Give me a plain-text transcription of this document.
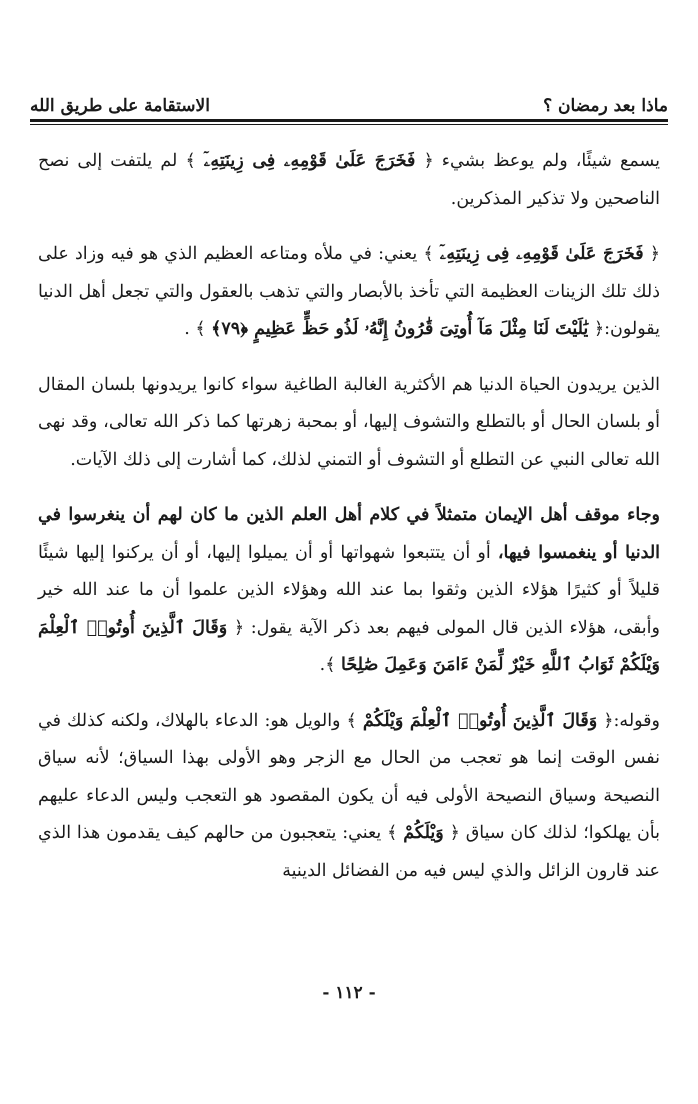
ماذا بعد رمضان ؟
الاستقامة على طريق الله

يسمع شيئًا، ولم يوعظ بشيء ﴿ فَخَرَجَ عَلَىٰ قَوْمِهِۦ فِى زِينَتِهِۦٓ ﴾ لم يلتفت إلى نصح الناصحين ولا تذكير المذكرين.

﴿ فَخَرَجَ عَلَىٰ قَوْمِهِۦ فِى زِينَتِهِۦٓ ﴾ يعني: في ملأه ومتاعه العظيم الذي هو فيه وزاد على ذلك تلك الزينات العظيمة التي تأخذ بالأبصار والتي تذهب بالعقول والتي تجعل أهل الدنيا يقولون:﴿ يَٰلَيْتَ لَنَا مِثْلَ مَآ أُوتِىَ قَٰرُونُ إِنَّهُۥ لَذُو حَظٍّ عَظِيمٍ ﴿٧٩﴾ ﴾ .

الذين يريدون الحياة الدنيا هم الأكثرية الغالبة الطاغية سواء كانوا يريدونها بلسان المقال أو بلسان الحال أو بالتطلع والتشوف إليها، أو بمحبة زهرتها كما ذكر الله تعالى، وقد نهى الله تعالى النبي عن التطلع أو التشوف أو التمني لذلك، كما أشارت إلى ذلك الآيات.

وجاء موقف أهل الإيمان متمثلاً في كلام أهل العلم الذين ما كان لهم أن ينغرسوا في الدنيا أو ينغمسوا فيها، أو أن يتتبعوا شهواتها أو أن يميلوا إليها، أو أن يركنوا إليها شيئًا قليلاً أو كثيرًا هؤلاء الذين وثقوا بما عند الله وهؤلاء الذين علموا أن ما عند الله خير وأبقى، هؤلاء الذين قال المولى فيهم بعد ذكر الآية يقول: ﴿ وَقَالَ ٱلَّذِينَ أُوتُوا۟ ٱلْعِلْمَ وَيْلَكُمْ ثَوَابُ ٱللَّهِ خَيْرٌ لِّمَنْ ءَامَنَ وَعَمِلَ صَٰلِحًا ﴾.

وقوله:﴿ وَقَالَ ٱلَّذِينَ أُوتُوا۟ ٱلْعِلْمَ وَيْلَكُمْ ﴾ والويل هو: الدعاء بالهلاك، ولكنه كذلك في نفس الوقت إنما هو تعجب من الحال مع الزجر وهو الأولى بهذا السياق؛ لأنه سياق النصيحة وسياق النصيحة الأولى فيه أن يكون المقصود هو التعجب وليس الدعاء عليهم بأن يهلكوا؛ لذلك كان سياق ﴿ وَيْلَكُمْ ﴾ يعني: يتعجبون من حالهم كيف يقدمون هذا الذي عند قارون الزائل والذي ليس فيه من الفضائل الدينية

- ١١٢ -
